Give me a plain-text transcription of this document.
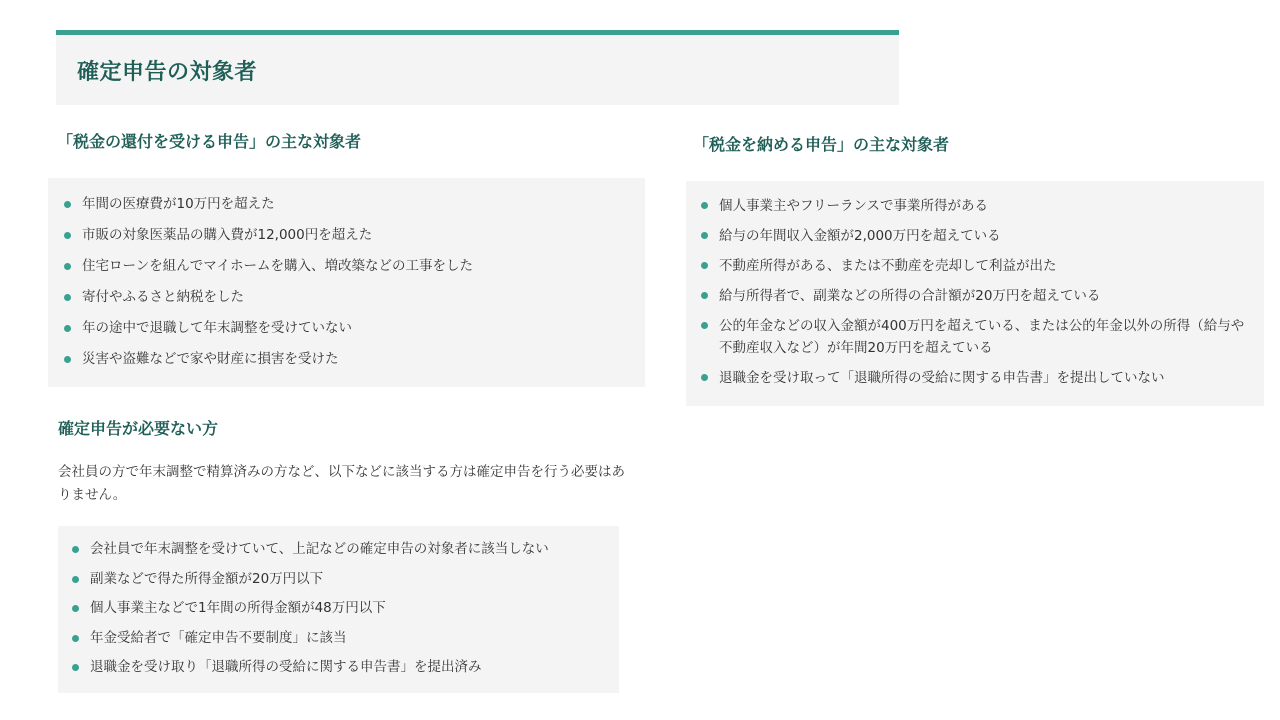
確定申告の対象者
「税金の還付を受ける申告」の主な対象者
年間の医療費が10万円を超えた
市販の対象医薬品の購入費が12,000円を超えた
住宅ローンを組んでマイホームを購入、増改築などの工事をした
寄付やふるさと納税をした
年の途中で退職して年末調整を受けていない
災害や盗難などで家や財産に損害を受けた
「税金を納める申告」の主な対象者
個人事業主やフリーランスで事業所得がある
給与の年間収入金額が2,000万円を超えている
不動産所得がある、または不動産を売却して利益が出た
給与所得者で、副業などの所得の合計額が20万円を超えている
公的年金などの収入金額が400万円を超えている、または公的年金以外の所得（給与や不動産収入など）が年間20万円を超えている
退職金を受け取って「退職所得の受給に関する申告書」を提出していない
確定申告が必要ない方

会社員の方で年末調整で精算済みの方など、以下などに該当する方は確定申告を行う必要はありません。

会社員で年末調整を受けていて、上記などの確定申告の対象者に該当しない
副業などで得た所得金額が20万円以下
個人事業主などで1年間の所得金額が48万円以下
年金受給者で「確定申告不要制度」に該当
退職金を受け取り「退職所得の受給に関する申告書」を提出済み
